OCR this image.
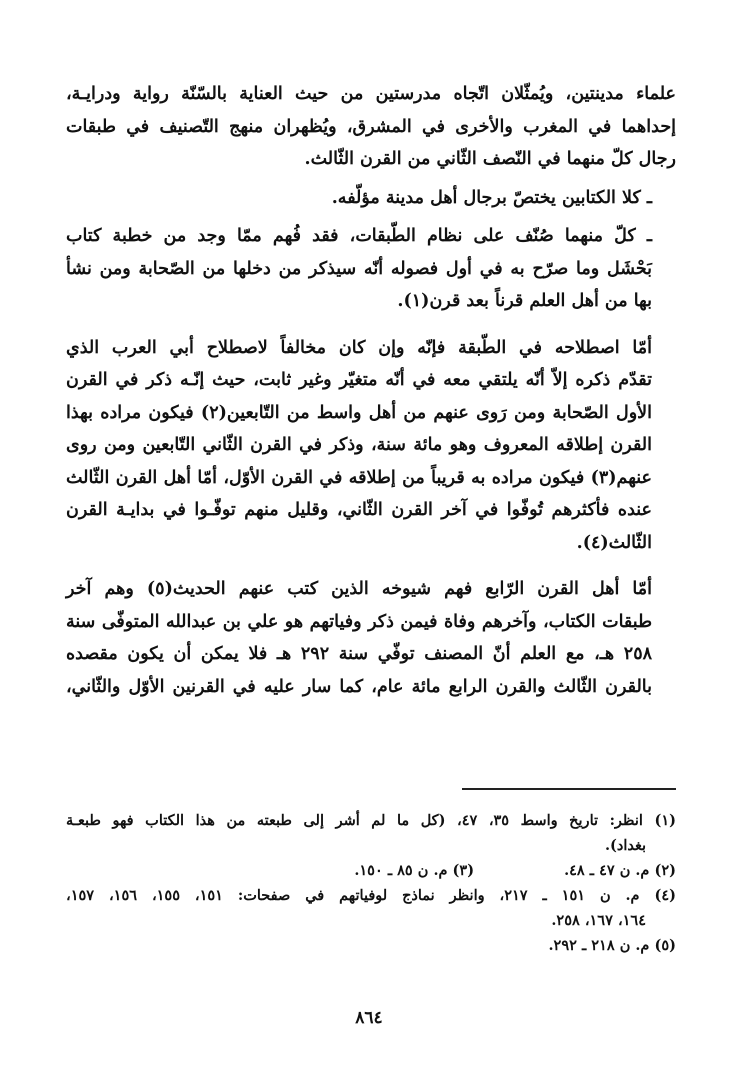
علماء مدينتين، ويُمثّلان اتّجاه مدرستين من حيث العناية بالسّنّة رواية ودرايـة،
إحداهما في المغرب والأخرى في المشرق، ويُظهران منهج التّصنيف في طبقات
رجال كلّ منهما في النّصف الثّاني من القرن الثّالث.

ـ كلا الكتابين يختصّ برجال أهل مدينة مؤلّفه.

ـ كلّ منهما صُنّف على نظام الطّبقات، فقد فُهم ممّا وجد من خطبة كتاب
بَحْشَل وما صرّح به في أول فصوله أنّه سيذكر من دخلها من الصّحابة ومن نشأ
بها من أهل العلم قرناً بعد قرن(١).

أمّا اصطلاحه في الطّبقة فإنّه وإن كان مخالفاً لاصطلاح أبي العرب الذي
تقدّم ذكره إلاّ أنّه يلتقي معه في أنّه متغيّر وغير ثابت، حيث إنّـه ذكر في القرن
الأول الصّحابة ومن رَوى عنهم من أهل واسط من التّابعين(٢) فيكون مراده بهذا
القرن إطلاقه المعروف وهو مائة سنة، وذكر في القرن الثّاني التّابعين ومن روى
عنهم(٣) فيكون مراده به قريباً من إطلاقه في القرن الأوّل، أمّا أهل القرن الثّالث
عنده فأكثرهم تُوفّوا في آخر القرن الثّاني، وقليل منهم توفّـوا في بدايـة القرن
الثّالث(٤).

أمّا أهل القرن الرّابع فهم شيوخه الذين كتب عنهم الحديث(٥) وهم آخر
طبقات الكتاب، وآخرهم وفاة فيمن ذكر وفياتهم هو علي بن عبدالله المتوفّى سنة
٢٥٨ هـ، مع العلم أنّ المصنف توفّي سنة ٢٩٢ هـ فلا يمكن أن يكون مقصده
بالقرن الثّالث والقرن الرابع مائة عام، كما سار عليه في القرنين الأوّل والثّاني،

(١) انظر: تاريخ واسط ٣٥، ٤٧، (كل ما لم أشر إلى طبعته من هذا الكتاب فهو طبعـة
بغداد).
(٢) م. ن ٤٧ ـ ٤٨.
(٣) م. ن ٨٥ ـ ١٥٠.
(٤) م. ن ١٥١ ـ ٢١٧، وانظر نماذج لوفياتهم في صفحات: ١٥١، ١٥٥، ١٥٦، ١٥٧،
١٦٤، ١٦٧، ٢٥٨.
(٥) م. ن ٢١٨ ـ ٢٩٢.
٨٦٤
